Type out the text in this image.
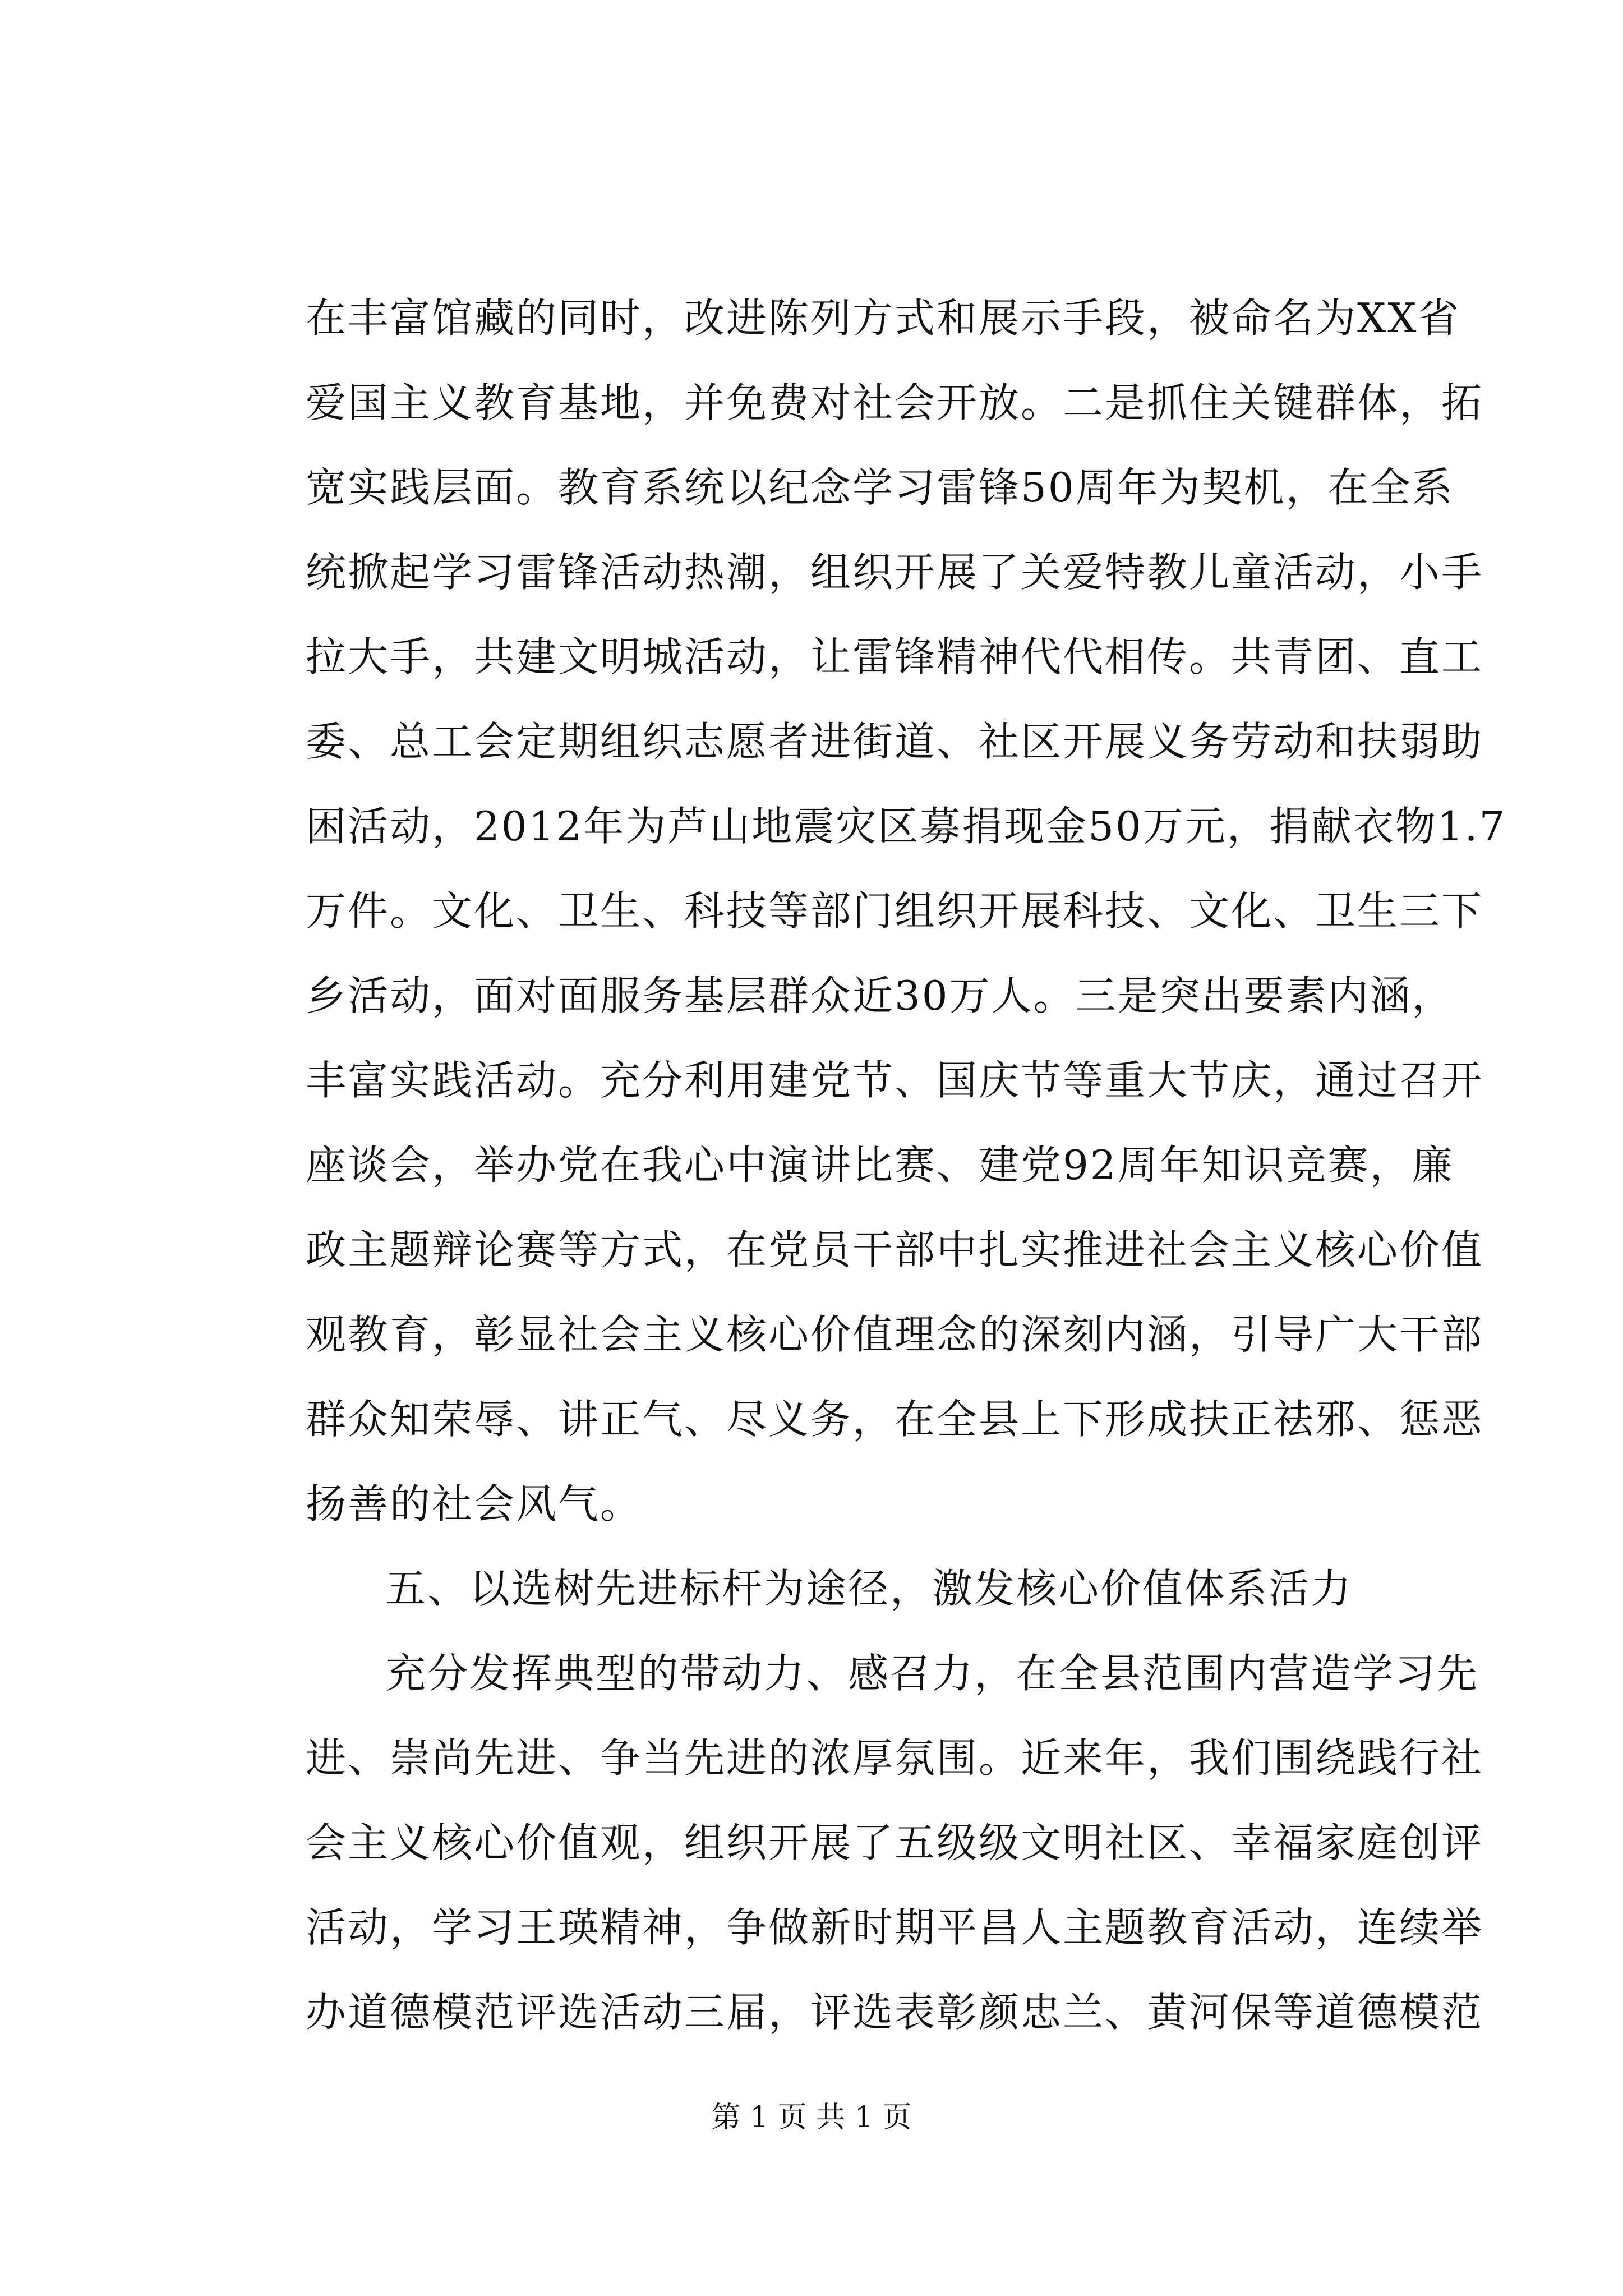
在丰富馆藏的同时，改进陈列方式和展示手段，被命名为XX省
爱国主义教育基地，并免费对社会开放。二是抓住关键群体，拓
宽实践层面。教育系统以纪念学习雷锋50周年为契机，在全系
统掀起学习雷锋活动热潮，组织开展了关爱特教儿童活动，小手
拉大手，共建文明城活动，让雷锋精神代代相传。共青团、直工
委、总工会定期组织志愿者进街道、社区开展义务劳动和扶弱助
困活动，2012年为芦山地震灾区募捐现金50万元，捐献衣物1.7
万件。文化、卫生、科技等部门组织开展科技、文化、卫生三下
乡活动，面对面服务基层群众近30万人。三是突出要素内涵，
丰富实践活动。充分利用建党节、国庆节等重大节庆，通过召开
座谈会，举办党在我心中演讲比赛、建党92周年知识竞赛，廉
政主题辩论赛等方式，在党员干部中扎实推进社会主义核心价值
观教育，彰显社会主义核心价值理念的深刻内涵，引导广大干部
群众知荣辱、讲正气、尽义务，在全县上下形成扶正祛邪、惩恶
扬善的社会风气。
五、以选树先进标杆为途径，激发核心价值体系活力
充分发挥典型的带动力、感召力，在全县范围内营造学习先
进、崇尚先进、争当先进的浓厚氛围。近来年，我们围绕践行社
会主义核心价值观，组织开展了五级级文明社区、幸福家庭创评
活动，学习王瑛精神，争做新时期平昌人主题教育活动，连续举
办道德模范评选活动三届，评选表彰颜忠兰、黄河保等道德模范
第 1 页 共 1 页
